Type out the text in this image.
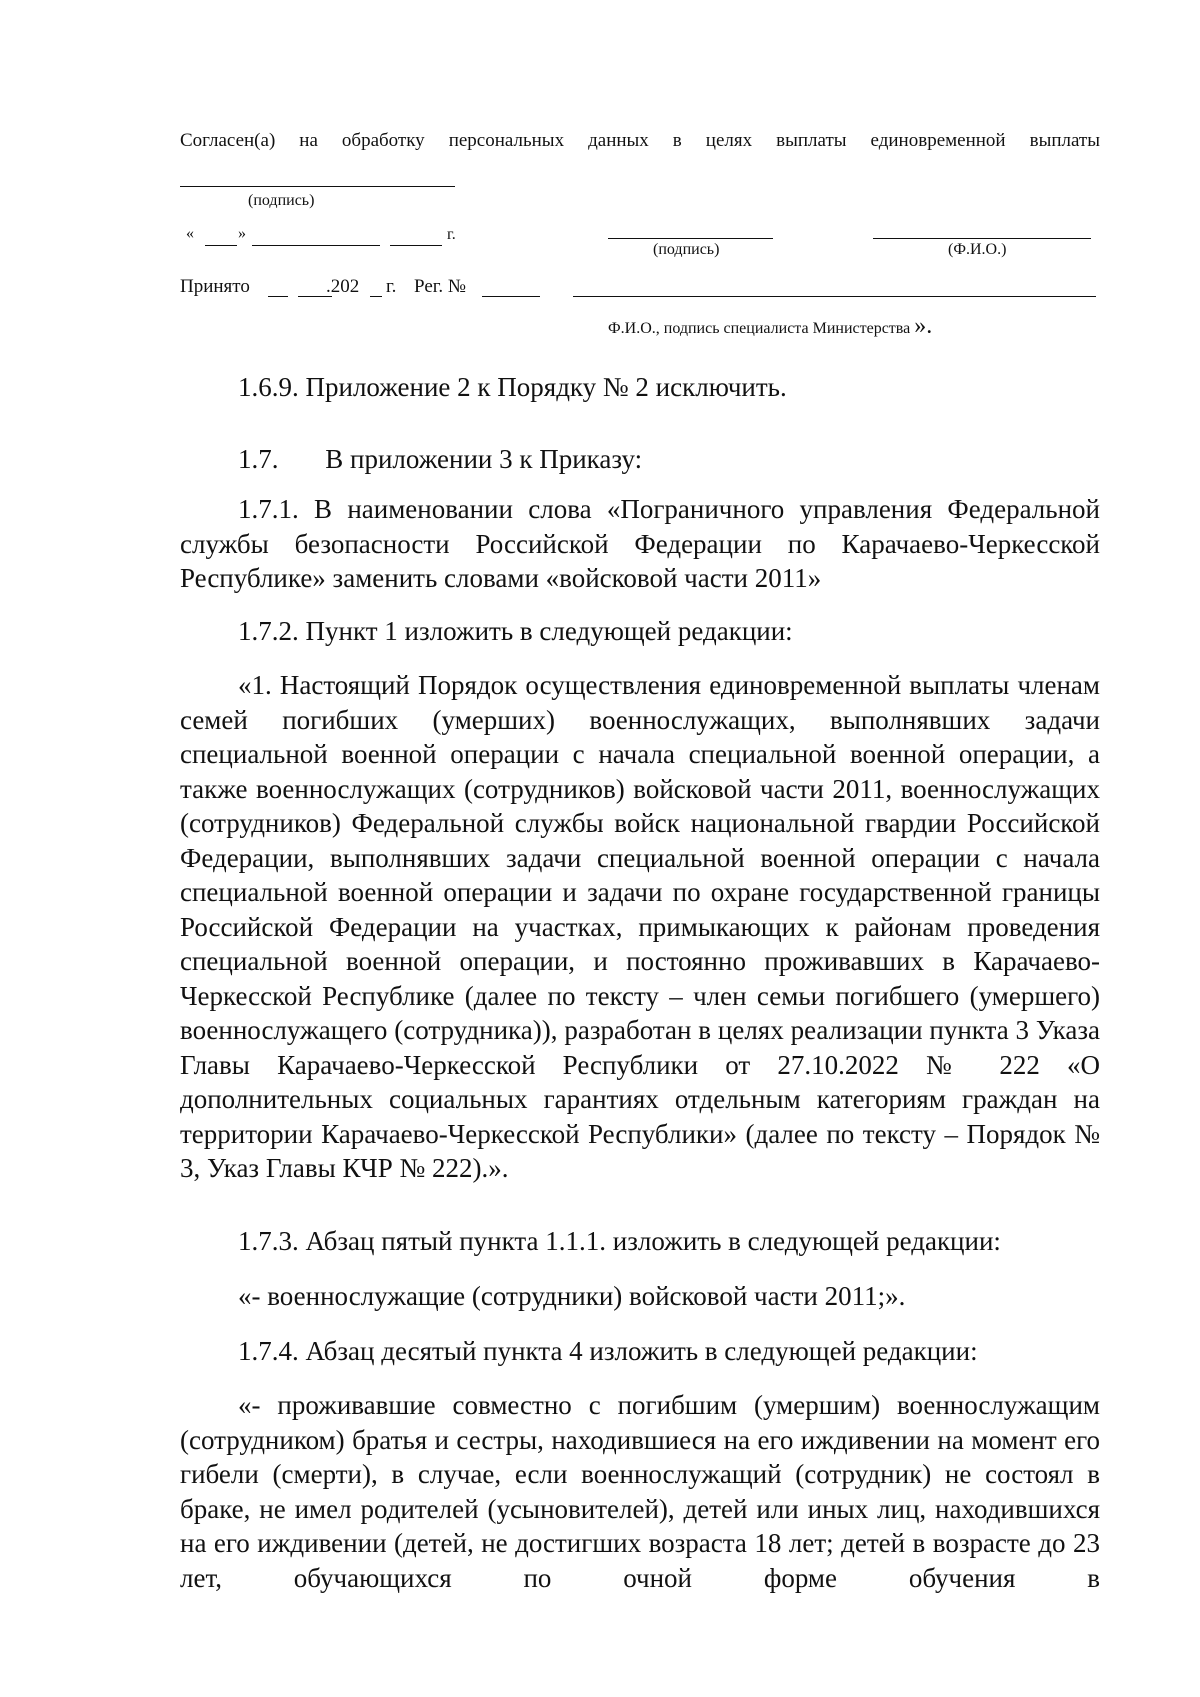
Согласен(а) на обработку персональных данных в целях выплаты единовременной выплаты
(подпись)
«	»	г.
(подпись)	(Ф.И.О.)
Принято	.202 г. Рег. №
Ф.И.О., подпись специалиста Министерства ».

1.6.9. Приложение 2 к Порядку № 2 исключить.

1.7. В приложении 3 к Приказу:

1.7.1. В наименовании слова «Пограничного управления Федеральной службы безопасности Российской Федерации по Карачаево-Черкесской Республике» заменить словами «войсковой части 2011»

1.7.2. Пункт 1 изложить в следующей редакции:

«1. Настоящий Порядок осуществления единовременной выплаты членам семей погибших (умерших) военнослужащих, выполнявших задачи специальной военной операции с начала специальной военной операции, а также военнослужащих (сотрудников) войсковой части 2011, военнослужащих (сотрудников) Федеральной службы войск национальной гвардии Российской Федерации, выполнявших задачи специальной военной операции с начала специальной военной операции и задачи по охране государственной границы Российской Федерации на участках, примыкающих к районам проведения специальной военной операции, и постоянно проживавших в Карачаево-Черкесской Республике (далее по тексту – член семьи погибшего (умершего) военнослужащего (сотрудника)), разработан в целях реализации пункта 3 Указа Главы Карачаево-Черкесской Республики от 27.10.2022 № 222 «О дополнительных социальных гарантиях отдельным категориям граждан на территории Карачаево-Черкесской Республики» (далее по тексту – Порядок № 3, Указ Главы КЧР № 222).».

1.7.3. Абзац пятый пункта 1.1.1. изложить в следующей редакции:

«- военнослужащие (сотрудники) войсковой части 2011;».

1.7.4. Абзац десятый пункта 4 изложить в следующей редакции:

«- проживавшие совместно с погибшим (умершим) военнослужащим (сотрудником) братья и сестры, находившиеся на его иждивении на момент его гибели (смерти), в случае, если военнослужащий (сотрудник) не состоял в браке, не имел родителей (усыновителей), детей или иных лиц, находившихся на его иждивении (детей, не достигших возраста 18 лет; детей в возрасте до 23 лет, обучающихся по очной форме обучения в
